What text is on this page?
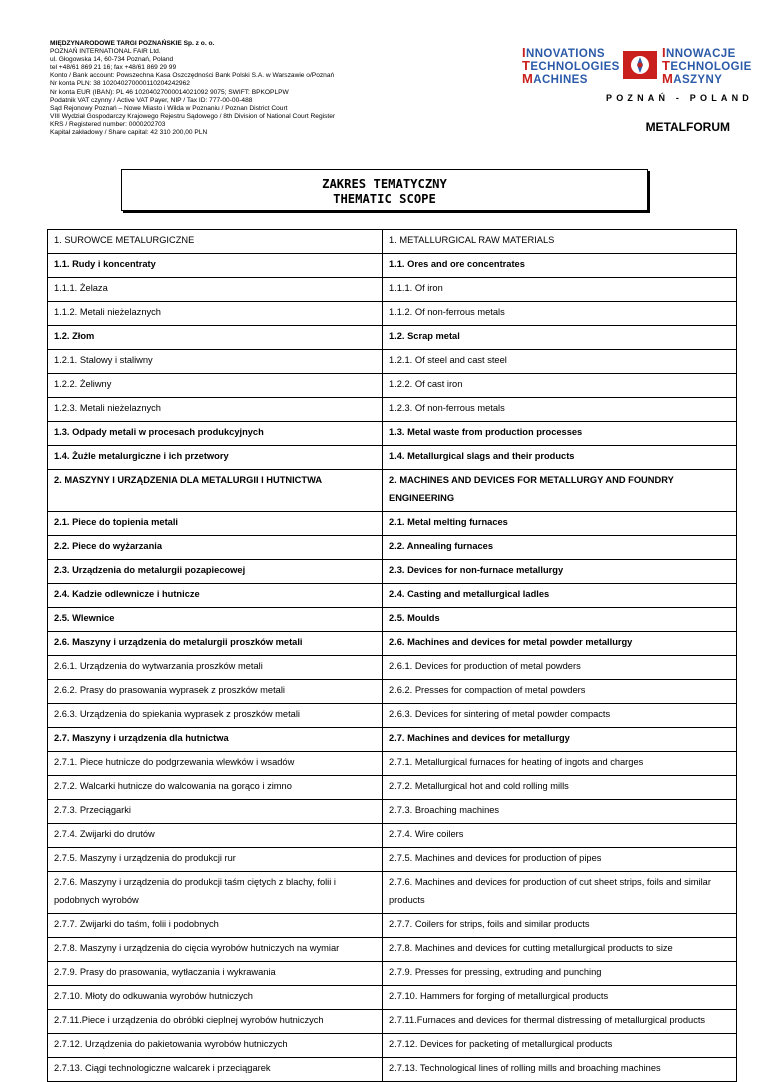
MIĘDZYNARODOWE TARGI POZNAŃSKIE Sp. z o. o.
POZNAŃ INTERNATIONAL FAIR Ltd.
ul. Głogowska 14, 60-734 Poznań, Poland
tel +48/61 869 21 16; fax +48/61 869 29 99
Konto / Bank account: Powszechna Kasa Oszczędności Bank Polski S.A. w Warszawie o/Poznań
Nr konta PLN: 38 102040270000110204242962
Nr konta EUR (IBAN): PL 46 10204027000014021092 9075; SWIFT: BPKOPLPW
Podatnik VAT czynny / Active VAT Payer, NIP / Tax ID: 777-00-00-488
Sąd Rejonowy Poznań – Nowe Miasto i Wilda w Poznaniu / Poznan District Court
VIII Wydział Gospodarczy Krajowego Rejestru Sądowego / 8th Division of National Court Register
KRS / Registered number: 0000202703
Kapitał zakładowy / Share capital: 42 310 200,00 PLN
INNOVATIONS
TECHNOLOGIES
MACHINES
INNOWACJE
TECHNOLOGIE
MASZYNY
POZNAŃ - POLAND
METALFORUM
ZAKRES TEMATYCZNY
THEMATIC SCOPE
1. SUROWCE METALURGICZNE	1. METALLURGICAL RAW MATERIALS
1.1. Rudy i koncentraty	1.1. Ores and ore concentrates
1.1.1. Żelaza	1.1.1. Of iron
1.1.2. Metali nieżelaznych	1.1.2. Of non-ferrous metals
1.2. Złom	1.2. Scrap metal
1.2.1. Stalowy i staliwny	1.2.1. Of steel and cast steel
1.2.2. Żeliwny	1.2.2. Of cast iron
1.2.3. Metali nieżelaznych	1.2.3. Of non-ferrous metals
1.3. Odpady metali w procesach produkcyjnych	1.3. Metal waste from production processes
1.4. Żużle metalurgiczne i ich przetwory	1.4. Metallurgical slags and their products
2. MASZYNY I URZĄDZENIA DLA METALURGII I HUTNICTWA	2. MACHINES AND DEVICES FOR METALLURGY AND FOUNDRY ENGINEERING
2.1. Piece do topienia metali	2.1. Metal melting furnaces
2.2. Piece do wyżarzania	2.2. Annealing furnaces
2.3. Urządzenia do metalurgii pozapiecowej	2.3. Devices for non-furnace metallurgy
2.4. Kadzie odlewnicze i hutnicze	2.4. Casting and metallurgical ladles
2.5. Wlewnice	2.5. Moulds
2.6. Maszyny i urządzenia do metalurgii proszków metali	2.6. Machines and devices for metal powder metallurgy
2.6.1. Urządzenia do wytwarzania proszków metali	2.6.1. Devices for production of metal powders
2.6.2. Prasy do prasowania wyprasek z proszków metali	2.6.2. Presses for compaction of metal powders
2.6.3. Urządzenia do spiekania wyprasek z proszków metali	2.6.3. Devices for sintering of metal powder compacts
2.7. Maszyny i urządzenia dla hutnictwa	2.7. Machines and devices for metallurgy
2.7.1. Piece hutnicze do podgrzewania wlewków i wsadów	2.7.1. Metallurgical furnaces for heating of ingots and charges
2.7.2. Walcarki hutnicze do walcowania na gorąco i zimno	2.7.2. Metallurgical hot and cold rolling mills
2.7.3. Przeciągarki	2.7.3. Broaching machines
2.7.4. Zwijarki do drutów	2.7.4. Wire coilers
2.7.5. Maszyny i urządzenia do produkcji rur	2.7.5. Machines and devices for production of pipes
2.7.6. Maszyny i urządzenia do produkcji taśm ciętych z blachy, folii i podobnych wyrobów	2.7.6. Machines and devices for production of cut sheet strips, foils and similar products
2.7.7. Zwijarki do taśm, folii i podobnych	2.7.7. Coilers for strips, foils and similar products
2.7.8. Maszyny i urządzenia do cięcia wyrobów hutniczych na wymiar	2.7.8. Machines and devices for cutting metallurgical products to size
2.7.9. Prasy do prasowania, wytłaczania i wykrawania	2.7.9. Presses for pressing, extruding and punching
2.7.10. Młoty do odkuwania wyrobów hutniczych	2.7.10. Hammers for forging of metallurgical products
2.7.11.Piece i urządzenia do obróbki cieplnej wyrobów hutniczych	2.7.11.Furnaces and devices for thermal distressing of metallurgical products
2.7.12. Urządzenia do pakietowania wyrobów hutniczych	2.7.12. Devices for packeting of metallurgical products
2.7.13. Ciągi technologiczne walcarek i przeciągarek	2.7.13. Technological lines of rolling mills and broaching machines
